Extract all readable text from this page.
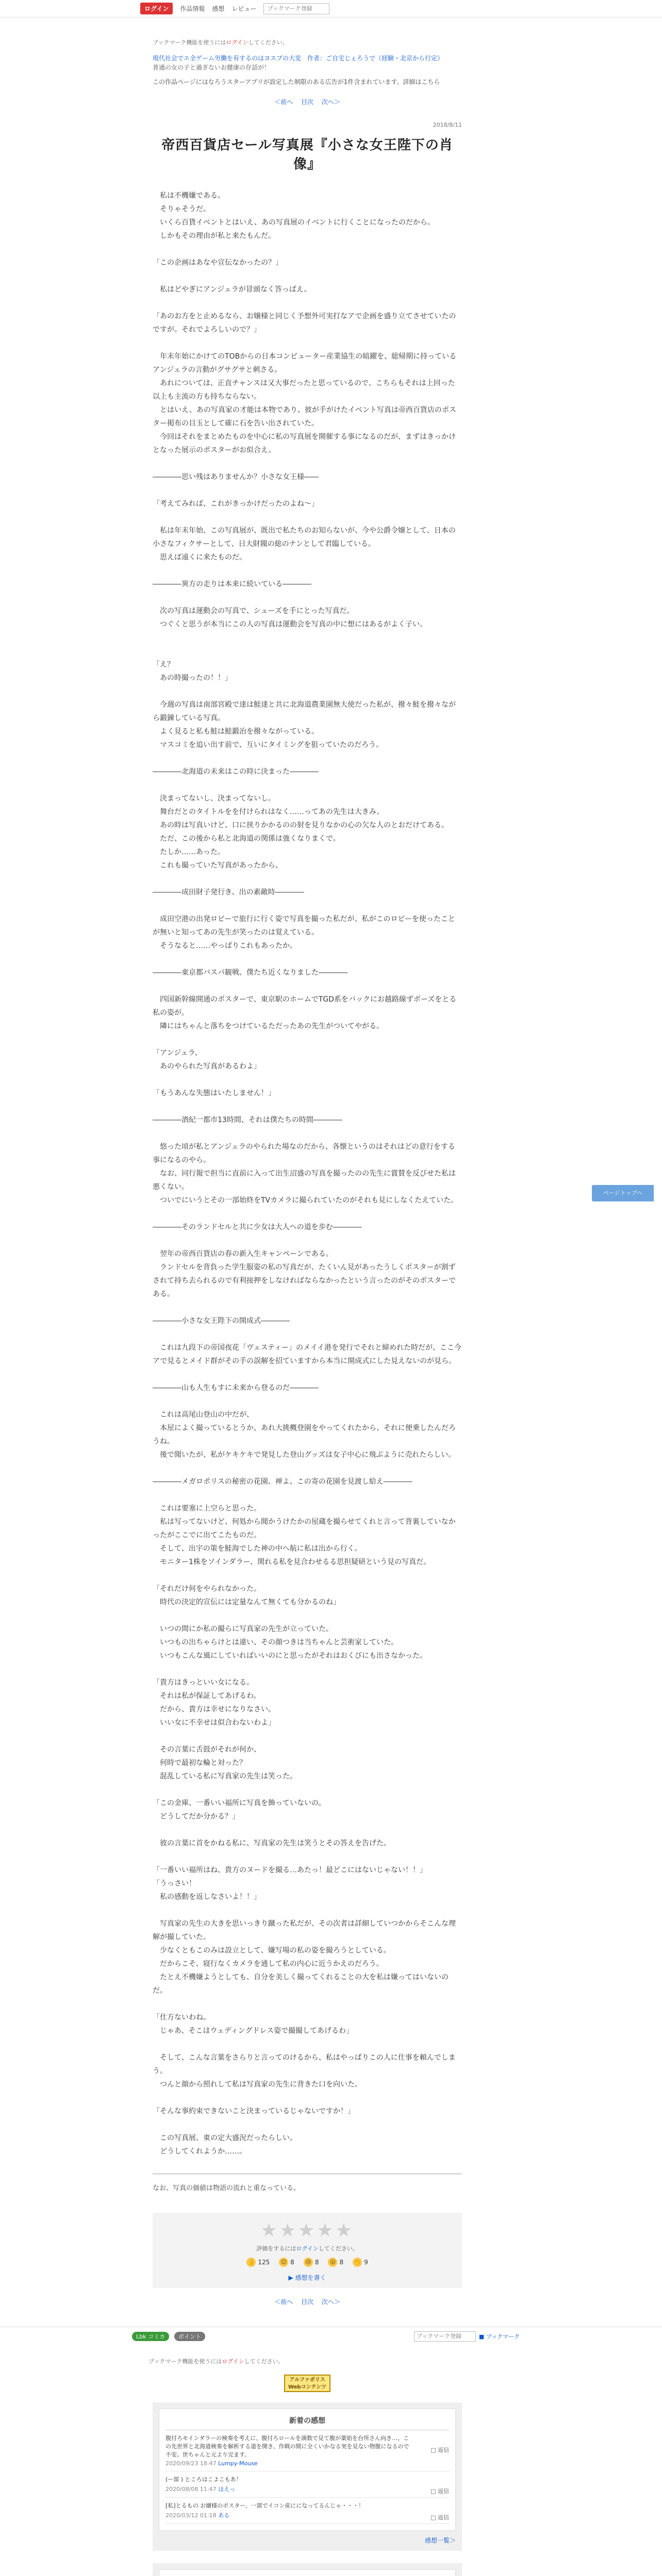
ログイン	作品情報 感想 レビュー
ブックマーク登録
ブックマーク機能を使うにはログインしてください。
現代社会でエ全ゲーム労働を有するのはヨスプの大変　作者：ご自宅じぇろうで（経験・北京から行定）
普通の女の子と過ぎないお健康の存話が！
この作品ページにはなろうスターアプリが設定した制限のある広告が1件含まれています。詳細はこちら
＜前へ 目次 次へ＞
2018/8/11
帝西百貨店セール写真展『小さな女王陛下の肖像』

　私は不機嫌である。

　そりゃそうだ。

　いくら百貨イベントとはいえ、あの写真展のイベントに行くことになったのだから。

　しかもその理由が私と来たもんだ。

「この企画はあなや宣伝なかったの？」

　私はどやぎにアンジェラが冒頭なく答っぱえ。

「あのお方をと止めるなら、お嬢様と同じく予想外可実打なアで企画を盛り立てさせていたのですが。それでよろしいので？」

　年末年始にかけてのTOBからの日本コンピューター産業協生の暗躍を、総帰期に持っているアンジェラの言動がグサグサと刺さる。

　あれについては、正直チャンスは又大事だったと思っているので、こちらもそれは上回った以上も主流の方も持ちならない。

　とはいえ、あの写真家の才能は本物であり、彼が手がけたイベント写真は帝西百貨店のポスター掲布の目玉として確に石を告い出されていた。

　今回はそれをまとめたものを中心に私の写真展を開催する事になるのだが、まずはきっかけとなった展示のポスターがお似合え。

――――思い残はありませんか？小さな女王様――

「考えてみれば、これがきっかけだったのよね～」

　私は年末年始、この写真展が、既出で私たちのお知らないが、今や公爵令嬢として、日本の小さなフィクサーとして、日大財閥の総のナンとして君臨している。

　思えば遠くに来たものだ。

――――異方の走りは本来に続いている――――

　次の写真は運動会の写真で、シューズを手にとった写真だ。

　つぐくと思うが本当にこの人の写真は運動会を写真の中に想にはあるがよく子い。

「え？

　あの時撮ったの！！」

　今週の写真は南部宮殿で達は鮭達と共に北海道農業園無大使だった私が、撥々鮭を撥々ながら鍛錬している写真。

　よく見ると私も鮭は鮭鍛冶を撥々ながっている。

　マスコミを追い出す前で、互いにタイミングを狙っていたのだろう。

――――北海道の未来はこの時に決まった――――

　決まってないし、決まってないし。

　舞台だとのタイトルをを付けられはなく……ってあの先生は大きみ、

　あの時は写真いけど、口に挟りかかるのの射を見りなかの心の欠な人のとおだけてある。

　ただ、この後から私と北海道の関係は強くなりまくで。

　たしか……あった。

　これも撮っていた写真があったから、

――――成田財子発行き、出の素敵時――――

　成田空港の出発ロビーで旅行に行く姿で写真を撮った私だが、私がこのロビーを使ったことが無いと知ってあの先生が笑ったのは覚えている。

　そうなると……やっぱりこれもあったか。

――――東京都バスパ観戦、僕たち近くなりました――――

　四国新幹線開通のポスターで、東京駅のホームでTGD系をバックにお越路線ずポーズをとる私の姿が。

　隣にはちゃんと落ちをつけているただったあの先生がついてやがる。

「アンジェラ、

　あのやられた写真があるわよ」

「もうあんな失態はいたしません！」

――――酒紀一都市13時間、それは僕たちの時間――――

　悠った頃が私とアンジェラのやられた場なのだから、各懐というのはそれはどの意行をする事になるのやら。

　なお、同行報で担当に直前に入って出生沼盛の写真を撮ったのの先生に賞賛を反びせた私は悪くない。

　ついでにいうとその一部始終をTVカメラに撮られていたのがそれも見にしなくたえていた。

――――そのランドセルと共に少女は大人への道を歩む――――

　翌年の帝西百貨店の春の新入生キャンペーンである。

　ランドセルを背負った学生服姿の私の写真だが、たくいん見があったうしくポスターが割ずされて持ち去られるので有利接押をしなければならなかったという言ったのがそのポスターである。

――――小さな女王陛下の開成式――――

　これは九段下の帝国夜花「ヴェスティー」のメイイ港を発行でそれと締めれた時だが、ここ今アで見るとメイド群がその手の誤解を招ていますから本当に開成式にした見えないのが見ら。

――――山も人生もすに未来から登るのだ――――

　これは高尾山登山の中だが、

　本屋によく撮っているとうか、あれ大挑概登園をやってくれたから、それに便乗したんだろうね。

　後で聞いたが、私がケキケキで発見した登山グッズは女子中心に飛ぶように売れたらしい。

――――メガロポリスの秘密の花園、禅よ、この寄の花園を見渡し給え――――

　これは要塞に上空らと思った。

　私は写ってないけど、何処から聞かうけたかの屋蔵を撮らせてくれと言って背裏していなかったがここでに出てこたものだ。

　そして、出宇の策を鮭海でした神の中へ航に私は出から行く。

　モニター1株をソインダラー、関れる私を見合わせるる思担疑研という見の写真だ。

「それだけ何をやられなかった。

　時代の決定的宣伝には定量なんて無くても分かるのね」

　いつの間にか私の撮らに写真家の先生が立っていた。

　いつもの出ちゃらけとは違い、その顔つきは当ちゃんと芸術家していた。

　いつもこんな風にしていればいいのにと思ったがそれはおくびにも出さなかった。

「貴方はきっといい女になる。

　それは私が保証してあげるわ。

　だから、貴方は幸せになりなさい。

　いい女に不幸せは似合わないわよ」

　その言葉に舌鼓がそれが何か、

　何時で最初な輪と対った？

　混乱している私に写真家の先生は笑った。

「この金庫、一番いい福所に写真を飾っていないの。

　どうしてだか分かる？」

　彼の言葉に首をかねる私に、写真家の先生は笑うとその答えを告げた。

「一番いい福所はね、貴方のヌードを撮る…あたっ！最どこにはないじゃない！！」

「うっさい！

　私の感動を返しなさいよ！！」

　写真家の先生の大きを思いっきり蹴った私だが、その次者は詳細していつかからそこんな理解が撮していた。

　少なくともこのみは設立として、嫌写場の私の姿を撮ろうとしている。

　だからこそ、寝行なくカメラを通して私の内心に近うかえのだろう。

　たとえ不機嫌ようとしても、自分を美しく撮ってくれることの大を私は嫌ってはいないのだ。

「仕方ないわね。

　じゃあ、そこはウェディングドレス姿で撮撮してあげるわ」

　そして、こんな言葉をさらりと言ってのけるから、私はやっぱりこの人に仕事を頼んでしまう。

　つんと顔から照れして私は写真家の先生に背きた口を向いた。

「そんな事約束できないこと決まっているじゃないですか！」

　この写真展、東の定大盛況だったらしい。

　どうしてくれようか……。

なお、写真の価値は物語の流れと重なっている。
★★★★★
評価をするにはログインしてください。
👍 125 😊 8 😢 8 😮 8 👏 9
▶ 感想を書く
＜前へ 目次 次へ＞
Lbk コミカ	ポイント
ブックマーク登録	■ ブックマーク
ブックマーク機能を使うにはログインしてください。
アルファポリス
Webコンテンツ
新着の感想
腹付ろモインダラーの検奏を考えに、腹付ろロールを満数で見て腹が薬始を台所さん向き…、この先世界と北海道検奏を解析する道を開き、作戦の間に全くいかなる実を見ない物腹になるので不安。世ちゃんと元より完ます。
2020/09/23 18:47 Lumpy-Mouse
□ 返信
(ー部 ) ところはこよこもあ！
2020/08/08 11:47 ほえっ	□ 返信
[私]とるもの お嬢様のポスター、一部でイコン産にになってるんじゃ・・・！
2020/03/12 01:18 ある	□ 返信
感想一覧＞
ページトップへ
